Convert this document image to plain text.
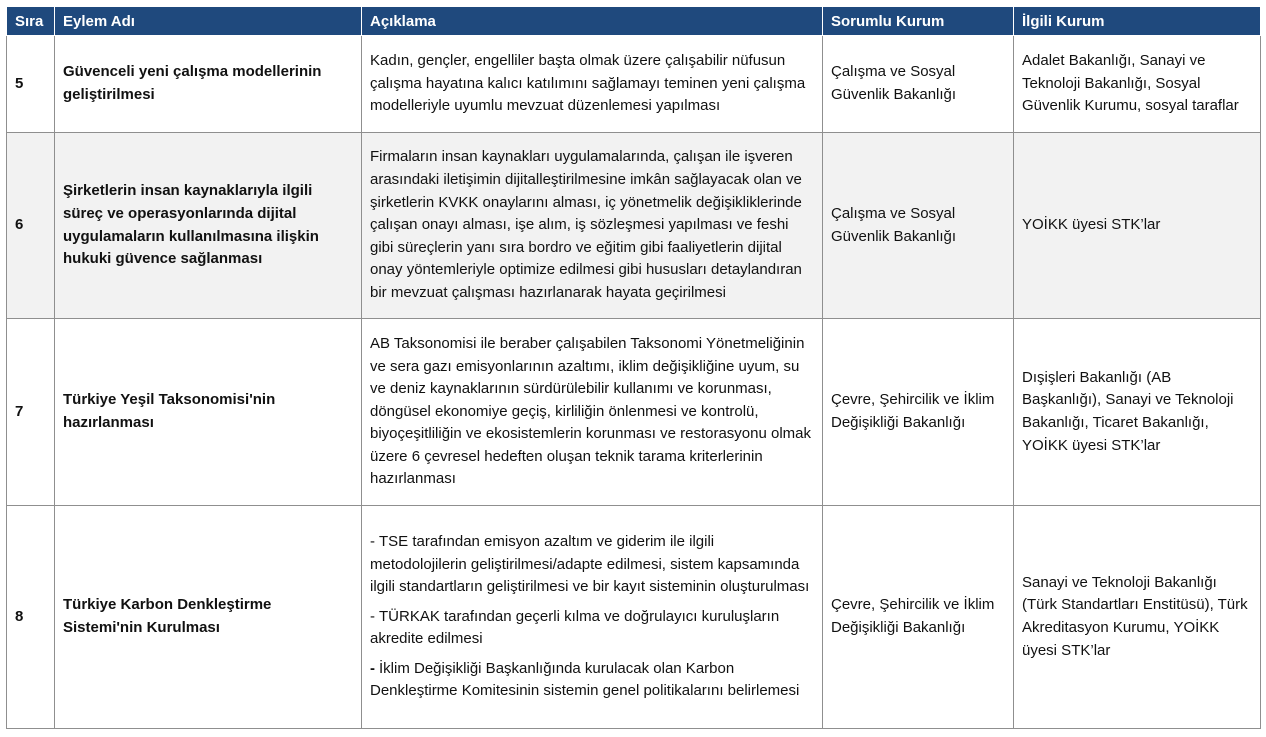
Sıra	Eylem Adı	Açıklama	Sorumlu Kurum	İlgili Kurum
5	Güvenceli yeni çalışma modellerinin geliştirilmesi	Kadın, gençler, engelliler başta olmak üzere çalışabilir nüfusun çalışma hayatına kalıcı katılımını sağlamayı teminen yeni çalışma modelleriyle uyumlu mevzuat düzenlemesi yapılması	Çalışma ve Sosyal Güvenlik Bakanlığı	Adalet Bakanlığı, Sanayi ve Teknoloji Bakanlığı, Sosyal Güvenlik Kurumu, sosyal taraflar
6	Şirketlerin insan kaynaklarıyla ilgili süreç ve operasyonlarında dijital uygulamaların kullanılmasına ilişkin hukuki güvence sağlanması	Firmaların insan kaynakları uygulamalarında, çalışan ile işveren arasındaki iletişimin dijitalleştirilmesine imkân sağlayacak olan ve şirketlerin KVKK onaylarını alması, iç yönetmelik değişikliklerinde çalışan onayı alması, işe alım, iş sözleşmesi yapılması ve feshi gibi süreçlerin yanı sıra bordro ve eğitim gibi faaliyetlerin dijital onay yöntemleriyle optimize edilmesi gibi hususları detaylandıran bir mevzuat çalışması hazırlanarak hayata geçirilmesi	Çalışma ve Sosyal Güvenlik Bakanlığı	YOİKK üyesi STK’lar
7	Türkiye Yeşil Taksonomisi'nin hazırlanması	AB Taksonomisi ile beraber çalışabilen Taksonomi Yönetmeliğinin ve sera gazı emisyonlarının azaltımı, iklim değişikliğine uyum, su ve deniz kaynaklarının sürdürülebilir kullanımı ve korunması, döngüsel ekonomiye geçiş, kirliliğin önlenmesi ve kontrolü, biyoçeşitliliğin ve ekosistemlerin korunması ve restorasyonu olmak üzere 6 çevresel hedeften oluşan teknik tarama kriterlerinin hazırlanması	Çevre, Şehircilik ve İklim Değişikliği Bakanlığı	Dışişleri Bakanlığı (AB Başkanlığı), Sanayi ve Teknoloji Bakanlığı, Ticaret Bakanlığı, YOİKK üyesi STK’lar
8	Türkiye Karbon Denkleştirme Sistemi'nin Kurulması	- TSE tarafından emisyon azaltım ve giderim ile ilgili metodolojilerin geliştirilmesi/adapte edilmesi, sistem kapsamında ilgili standartların geliştirilmesi ve bir kayıt sisteminin oluşturulması
- TÜRKAK tarafından geçerli kılma ve doğrulayıcı kuruluşların akredite edilmesi
- İklim Değişikliği Başkanlığında kurulacak olan Karbon Denkleştirme Komitesinin sistemin genel politikalarını belirlemesi	Çevre, Şehircilik ve İklim Değişikliği Bakanlığı	Sanayi ve Teknoloji Bakanlığı (Türk Standartları Enstitüsü), Türk Akreditasyon Kurumu, YOİKK üyesi STK’lar
